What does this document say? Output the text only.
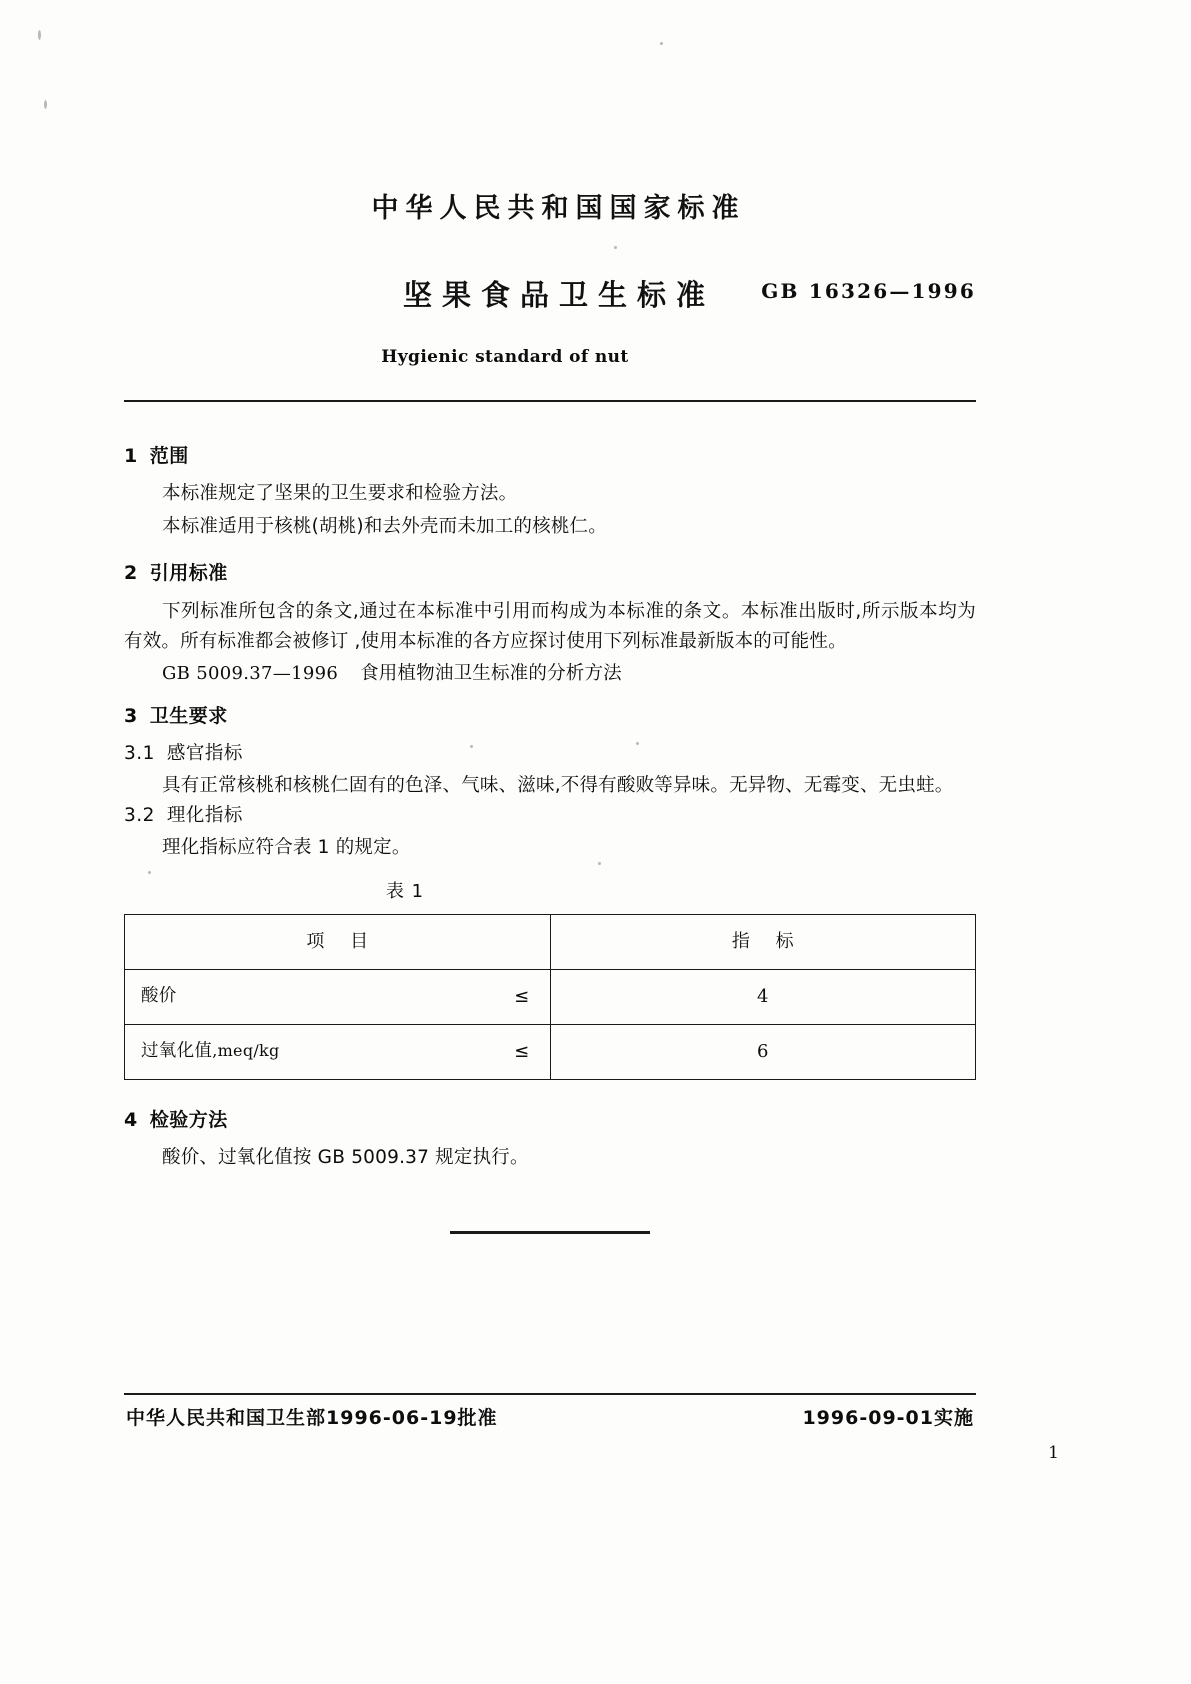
中华人民共和国国家标准
坚果食品卫生标准	GB 16326—1996
Hygienic standard of nut
1 范围

本标准规定了坚果的卫生要求和检验方法。

本标准适用于核桃(胡桃)和去外壳而未加工的核桃仁。

2 引用标准

下列标准所包含的条文,通过在本标准中引用而构成为本标准的条文。本标准出版时,所示版本均为有效。所有标准都会被修订 ,使用本标准的各方应探讨使用下列标准最新版本的可能性。

GB 5009.37—1996 食用植物油卫生标准的分析方法

3 卫生要求
3.1 感官指标

具有正常核桃和核桃仁固有的色泽、气味、滋味,不得有酸败等异味。无异物、无霉变、无虫蛀。

3.2 理化指标

理化指标应符合表 1 的规定。

表 1
项 目	指 标
酸价 ≤	4
过氧化值,meq/kg ≤	6
4 检验方法

酸价、过氧化值按 GB 5009.37 规定执行。

中华人民共和国卫生部1996-06-19批准	1996-09-01实施
1
